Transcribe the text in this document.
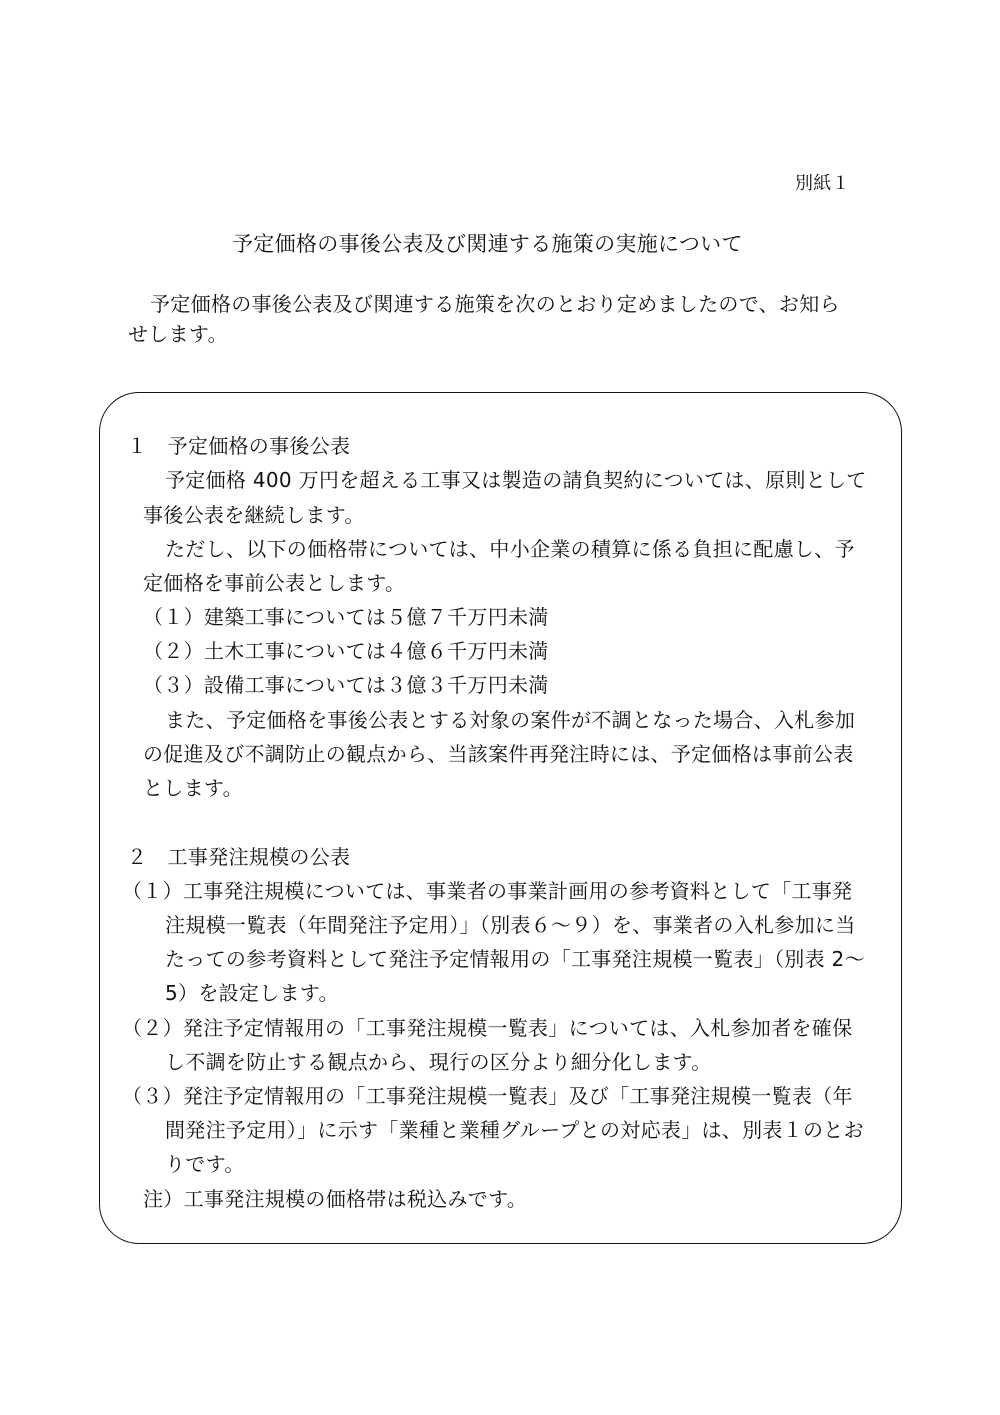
別紙１
予定価格の事後公表及び関連する施策の実施について
予定価格の事後公表及び関連する施策を次のとおり定めましたので、お知ら
せします。
１　予定価格の事後公表
予定価格 400 万円を超える工事又は製造の請負契約については、原則として
事後公表を継続します。
ただし、以下の価格帯については、中小企業の積算に係る負担に配慮し、予
定価格を事前公表とします。
（１）建築工事については５億７千万円未満
（２）土木工事については４億６千万円未満
（３）設備工事については３億３千万円未満
また、予定価格を事後公表とする対象の案件が不調となった場合、入札参加
の促進及び不調防止の観点から、当該案件再発注時には、予定価格は事前公表
とします。
２　工事発注規模の公表
（１）工事発注規模については、事業者の事業計画用の参考資料として「工事発
注規模一覧表（年間発注予定用）」（別表６～９）を、事業者の入札参加に当
たっての参考資料として発注予定情報用の「工事発注規模一覧表」（別表 2～
5）を設定します。
（２）発注予定情報用の「工事発注規模一覧表」については、入札参加者を確保
し不調を防止する観点から、現行の区分より細分化します。
（３）発注予定情報用の「工事発注規模一覧表」及び「工事発注規模一覧表（年
間発注予定用）」に示す「業種と業種グループとの対応表」は、別表１のとお
りです。
注）工事発注規模の価格帯は税込みです。
